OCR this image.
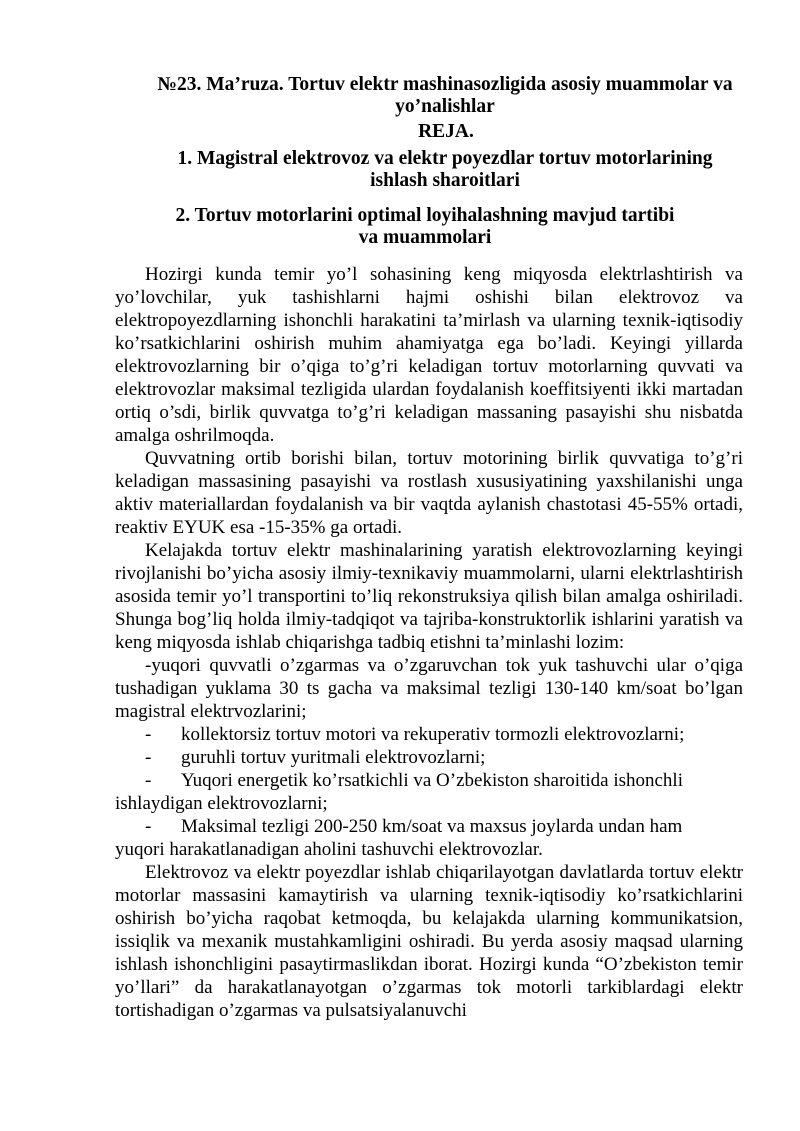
№23. Ma’ruza. Tortuv elektr mashinasozligida asosiy muammolar va yo’nalishlar

REJA.

1. Magistral elektrovoz va elektr poyezdlar tortuv motorlarining ishlash sharoitlari

2. Tortuv motorlarini optimal loyihalashning mavjud tartibi va muammolari

Hozirgi kunda temir yo’l sohasining keng miqyosda elektrlashtirish va yo’lovchilar, yuk tashishlarni hajmi oshishi bilan elektrovoz va elektropoyezdlarning ishonchli harakatini ta’mirlash va ularning texnik-iqtisodiy ko’rsatkichlarini oshirish muhim ahamiyatga ega bo’ladi. Keyingi yillarda elektrovozlarning bir o’qiga to’g’ri keladigan tortuv motorlarning quvvati va elektrovozlar maksimal tezligida ulardan foydalanish koeffitsiyenti ikki martadan ortiq o’sdi, birlik quvvatga to’g’ri keladigan massaning pasayishi shu nisbatda amalga oshrilmoqda.

Quvvatning ortib borishi bilan, tortuv motorining birlik quvvatiga to’g’ri keladigan massasining pasayishi va rostlash xususiyatining yaxshilanishi unga aktiv materiallardan foydalanish va bir vaqtda aylanish chastotasi 45-55% ortadi, reaktiv EYUK esa -15-35% ga ortadi.

Kelajakda tortuv elektr mashinalarining yaratish elektrovozlarning keyingi rivojlanishi bo’yicha asosiy ilmiy-texnikaviy muammolarni, ularni elektrlashtirish asosida temir yo’l transportini to’liq rekonstruksiya qilish bilan amalga oshiriladi. Shunga bog’liq holda ilmiy-tadqiqot va tajriba-konstruktorlik ishlarini yaratish va keng miqyosda ishlab chiqarishga tadbiq etishni ta’minlashi lozim:

-yuqori quvvatli o’zgarmas va o’zgaruvchan tok yuk tashuvchi ular o’qiga tushadigan yuklama 30 ts gacha va maksimal tezligi 130-140 km/soat bo’lgan magistral elektrvozlarini;

- kollektorsiz tortuv motori va rekuperativ tormozli elektrovozlarni;
- guruhli tortuv yuritmali elektrovozlarni;
- Yuqori energetik ko’rsatkichli va O’zbekiston sharoitida ishonchli
ishlaydigan elektrovozlarni;
- Maksimal tezligi 200-250 km/soat va maxsus joylarda undan ham
yuqori harakatlanadigan aholini tashuvchi elektrovozlar.

Elektrovoz va elektr poyezdlar ishlab chiqarilayotgan davlatlarda tortuv elektr motorlar massasini kamaytirish va ularning texnik-iqtisodiy ko’rsatkichlarini oshirish bo’yicha raqobat ketmoqda, bu kelajakda ularning kommunikatsion, issiqlik va mexanik mustahkamligini oshiradi. Bu yerda asosiy maqsad ularning ishlash ishonchligini pasaytirmaslikdan iborat. Hozirgi kunda “O’zbekiston temir yo’llari” da harakatlanayotgan o’zgarmas tok motorli tarkiblardagi elektr tortishadigan o’zgarmas va pulsatsiyalanuvchi
